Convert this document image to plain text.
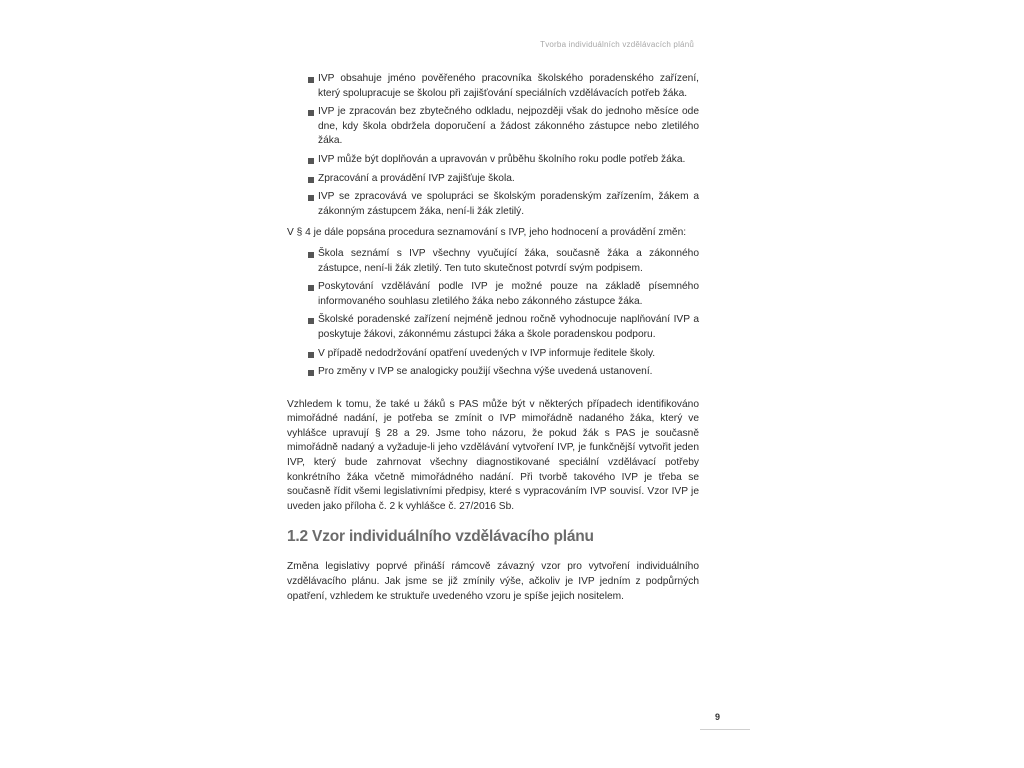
Tvorba individuálních vzdělávacích plánů
IVP obsahuje jméno pověřeného pracovníka školského poradenského zařízení, který spolupracuje se školou při zajišťování speciálních vzdělávacích potřeb žáka.
IVP je zpracován bez zbytečného odkladu, nejpozději však do jednoho měsíce ode dne, kdy škola obdržela doporučení a žádost zákonného zástupce nebo zletilého žáka.
IVP může být doplňován a upravován v průběhu školního roku podle potřeb žáka.
Zpracování a provádění IVP zajišťuje škola.
IVP se zpracovává ve spolupráci se školským poradenským zařízením, žákem a zákonným zástupcem žáka, není-li žák zletilý.

V § 4 je dále popsána procedura seznamování s IVP, jeho hodnocení a provádění změn:

Škola seznámí s IVP všechny vyučující žáka, současně žáka a zákonného zástupce, není-li žák zletilý. Ten tuto skutečnost potvrdí svým podpisem.
Poskytování vzdělávání podle IVP je možné pouze na základě písemného informovaného souhlasu zletilého žáka nebo zákonného zástupce žáka.
Školské poradenské zařízení nejméně jednou ročně vyhodnocuje naplňování IVP a poskytuje žákovi, zákonnému zástupci žáka a škole poradenskou podporu.
V případě nedodržování opatření uvedených v IVP informuje ředitele školy.
Pro změny v IVP se analogicky použijí všechna výše uvedená ustanovení.

Vzhledem k tomu, že také u žáků s PAS může být v některých případech identifikováno mimořádné nadání, je potřeba se zmínit o IVP mimořádně nadaného žáka, který ve vyhlášce upravují § 28 a 29. Jsme toho názoru, že pokud žák s PAS je současně mimořádně nadaný a vyžaduje-li jeho vzdělávání vytvoření IVP, je funkčnější vytvořit jeden IVP, který bude zahrnovat všechny diagnostikované speciální vzdělávací potřeby konkrétního žáka včetně mimořádného nadání. Při tvorbě takového IVP je třeba se současně řídit všemi legislativními předpisy, které s vypracováním IVP souvisí. Vzor IVP je uveden jako příloha č. 2 k vyhlášce č. 27/2016 Sb.

1.2 Vzor individuálního vzdělávacího plánu

Změna legislativy poprvé přináší rámcově závazný vzor pro vytvoření individuálního vzdělávacího plánu. Jak jsme se již zmínily výše, ačkoliv je IVP jedním z podpůrných opatření, vzhledem ke struktuře uvedeného vzoru je spíše jejich nositelem.

9
